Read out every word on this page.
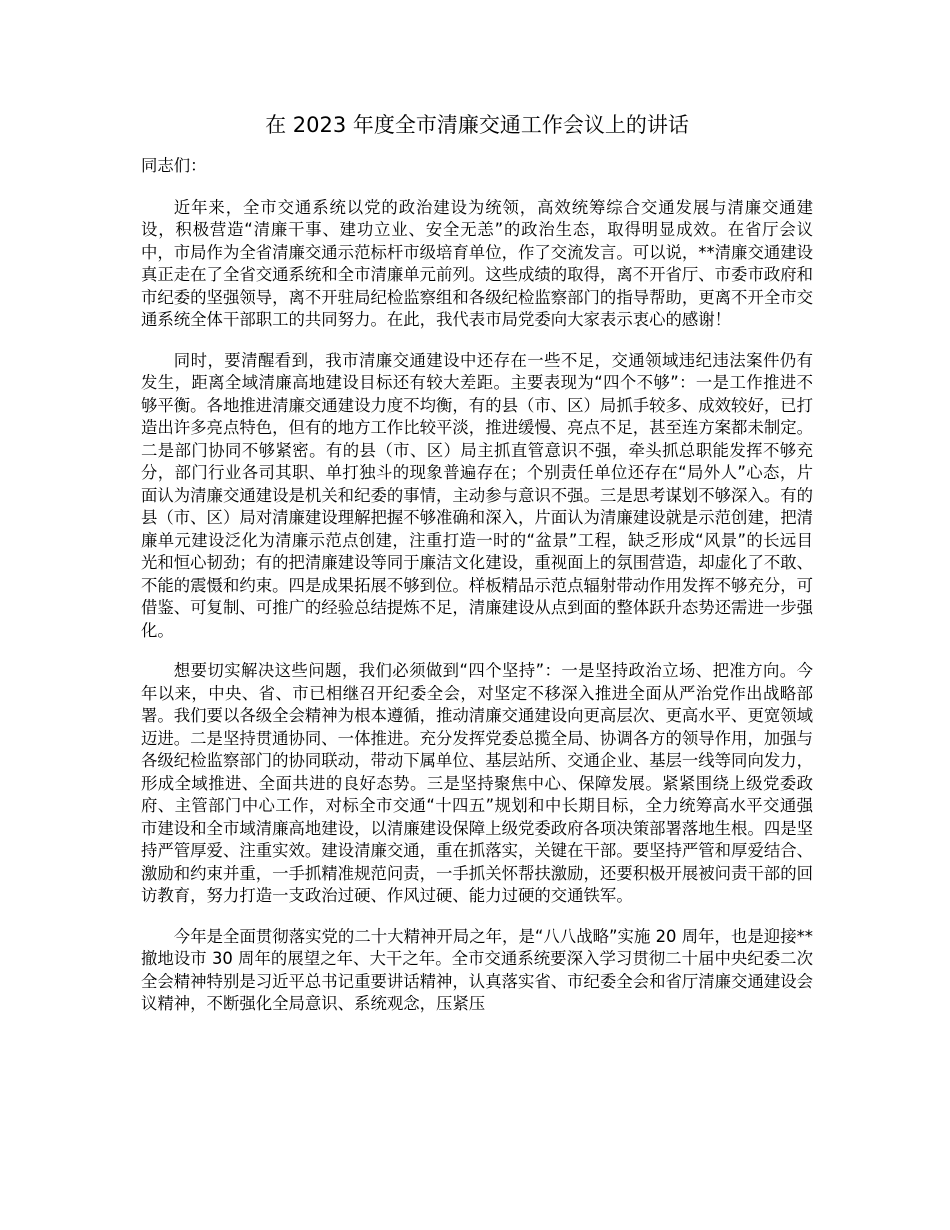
在 2023 年度全市清廉交通工作会议上的讲话
同志们：

近年来，全市交通系统以党的政治建设为统领，高效统筹综合交通发展与清廉交通建设，积极营造“清廉干事、建功立业、安全无恙”的政治生态，取得明显成效。在省厅会议中，市局作为全省清廉交通示范标杆市级培育单位，作了交流发言。可以说，**清廉交通建设真正走在了全省交通系统和全市清廉单元前列。这些成绩的取得，离不开省厅、市委市政府和市纪委的坚强领导，离不开驻局纪检监察组和各级纪检监察部门的指导帮助，更离不开全市交通系统全体干部职工的共同努力。在此，我代表市局党委向大家表示衷心的感谢！

同时，要清醒看到，我市清廉交通建设中还存在一些不足，交通领域违纪违法案件仍有发生，距离全域清廉高地建设目标还有较大差距。主要表现为“四个不够”：一是工作推进不够平衡。各地推进清廉交通建设力度不均衡，有的县（市、区）局抓手较多、成效较好，已打造出许多亮点特色，但有的地方工作比较平淡，推进缓慢、亮点不足，甚至连方案都未制定。二是部门协同不够紧密。有的县（市、区）局主抓直管意识不强，牵头抓总职能发挥不够充分，部门行业各司其职、单打独斗的现象普遍存在；个别责任单位还存在“局外人”心态，片面认为清廉交通建设是机关和纪委的事情，主动参与意识不强。三是思考谋划不够深入。有的县（市、区）局对清廉建设理解把握不够准确和深入，片面认为清廉建设就是示范创建，把清廉单元建设泛化为清廉示范点创建，注重打造一时的“盆景”工程，缺乏形成“风景”的长远目光和恒心韧劲；有的把清廉建设等同于廉洁文化建设，重视面上的氛围营造，却虚化了不敢、不能的震慑和约束。四是成果拓展不够到位。样板精品示范点辐射带动作用发挥不够充分，可借鉴、可复制、可推广的经验总结提炼不足，清廉建设从点到面的整体跃升态势还需进一步强化。

想要切实解决这些问题，我们必须做到“四个坚持”：一是坚持政治立场、把准方向。今年以来，中央、省、市已相继召开纪委全会，对坚定不移深入推进全面从严治党作出战略部署。我们要以各级全会精神为根本遵循，推动清廉交通建设向更高层次、更高水平、更宽领域迈进。二是坚持贯通协同、一体推进。充分发挥党委总揽全局、协调各方的领导作用，加强与各级纪检监察部门的协同联动，带动下属单位、基层站所、交通企业、基层一线等同向发力，形成全域推进、全面共进的良好态势。三是坚持聚焦中心、保障发展。紧紧围绕上级党委政府、主管部门中心工作，对标全市交通“十四五”规划和中长期目标，全力统筹高水平交通强市建设和全市域清廉高地建设，以清廉建设保障上级党委政府各项决策部署落地生根。四是坚持严管厚爱、注重实效。建设清廉交通，重在抓落实，关键在干部。要坚持严管和厚爱结合、激励和约束并重，一手抓精准规范问责，一手抓关怀帮扶激励，还要积极开展被问责干部的回访教育，努力打造一支政治过硬、作风过硬、能力过硬的交通铁军。

今年是全面贯彻落实党的二十大精神开局之年，是“八八战略”实施 20 周年，也是迎接**撤地设市 30 周年的展望之年、大干之年。全市交通系统要深入学习贯彻二十届中央纪委二次全会精神特别是习近平总书记重要讲话精神，认真落实省、市纪委全会和省厅清廉交通建设会议精神，不断强化全局意识、系统观念，压紧压
